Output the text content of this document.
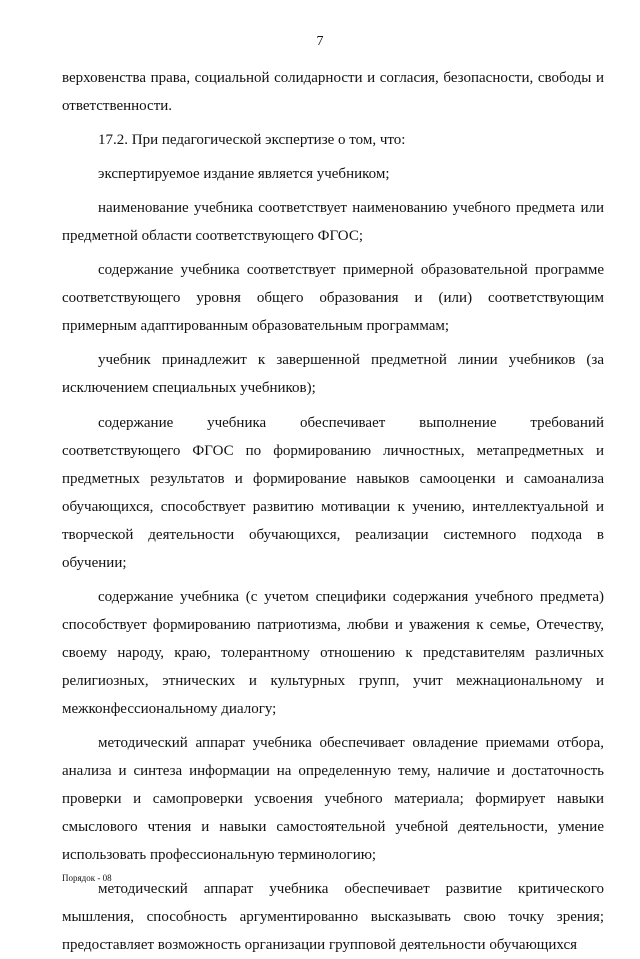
7

верховенства права, социальной солидарности и согласия, безопасности, свободы и ответственности.

17.2. При педагогической экспертизе о том, что:

экспертируемое издание является учебником;

наименование учебника соответствует наименованию учебного предмета или предметной области соответствующего ФГОС;

содержание учебника соответствует примерной образовательной программе соответствующего уровня общего образования и (или) соответствующим примерным адаптированным образовательным программам;

учебник принадлежит к завершенной предметной линии учебников (за исключением специальных учебников);

содержание учебника обеспечивает выполнение требований соответствующего ФГОС по формированию личностных, метапредметных и предметных результатов и формирование навыков самооценки и самоанализа обучающихся, способствует развитию мотивации к учению, интеллектуальной и творческой деятельности обучающихся, реализации системного подхода в обучении;

содержание учебника (с учетом специфики содержания учебного предмета) способствует формированию патриотизма, любви и уважения к семье, Отечеству, своему народу, краю, толерантному отношению к представителям различных религиозных, этнических и культурных групп, учит межнациональному и межконфессиональному диалогу;

методический аппарат учебника обеспечивает овладение приемами отбора, анализа и синтеза информации на определенную тему, наличие и достаточность проверки и самопроверки усвоения учебного материала; формирует навыки смыслового чтения и навыки самостоятельной учебной деятельности, умение использовать профессиональную терминологию;

методический аппарат учебника обеспечивает развитие критического мышления, способность аргументированно высказывать свою точку зрения; предоставляет возможность организации групповой деятельности обучающихся

Порядок - 08
